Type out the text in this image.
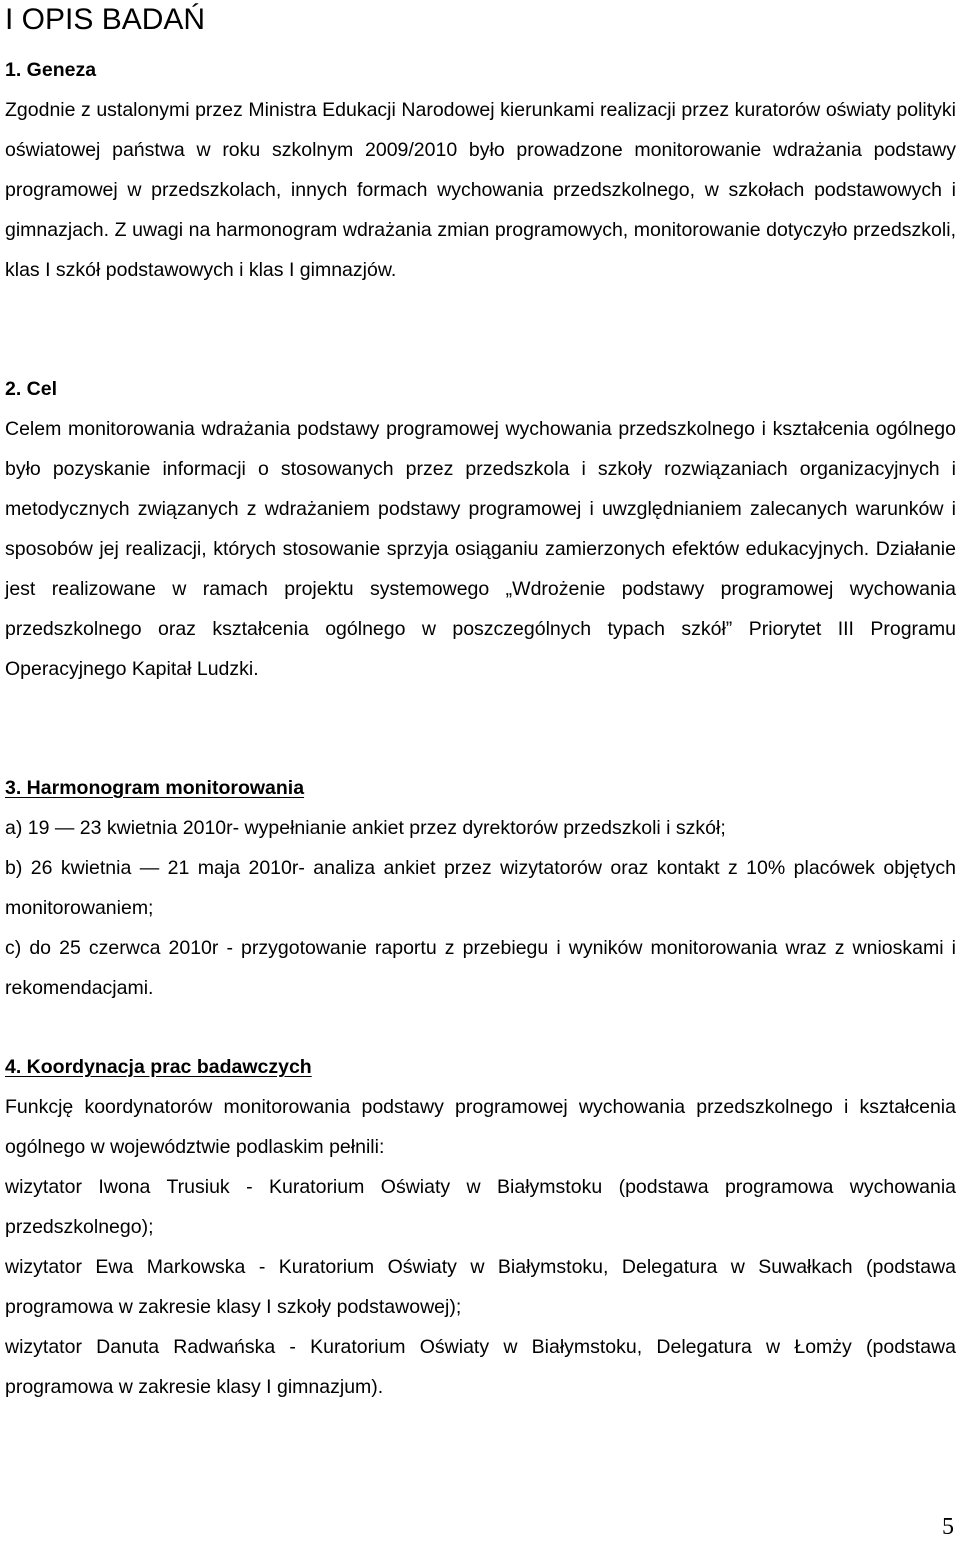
I OPIS BADAŃ

1. Geneza

Zgodnie z ustalonymi przez Ministra Edukacji Narodowej kierunkami realizacji przez kuratorów oświaty polityki oświatowej państwa w roku szkolnym 2009/2010 było prowadzone monitorowanie wdrażania podstawy programowej w przedszkolach, innych formach wychowania przedszkolnego, w szkołach podstawowych i gimnazjach. Z uwagi na harmonogram wdrażania zmian programowych, monitorowanie dotyczyło przedszkoli, klas I szkół podstawowych i klas I gimnazjów.

2. Cel

Celem monitorowania wdrażania podstawy programowej wychowania przedszkolnego i kształcenia ogólnego było pozyskanie informacji o stosowanych przez przedszkola i szkoły rozwiązaniach organizacyjnych i metodycznych związanych z wdrażaniem podstawy programowej i uwzględnianiem zalecanych warunków i sposobów jej realizacji, których stosowanie sprzyja osiąganiu zamierzonych efektów edukacyjnych. Działanie jest realizowane w ramach projektu systemowego „Wdrożenie podstawy programowej wychowania przedszkolnego oraz kształcenia ogólnego w poszczególnych typach szkół” Priorytet III Programu Operacyjnego Kapitał Ludzki.

3. Harmonogram monitorowania

a) 19 — 23 kwietnia 2010r- wypełnianie ankiet przez dyrektorów przedszkoli i szkół;

b) 26 kwietnia — 21 maja 2010r- analiza ankiet przez wizytatorów oraz kontakt z 10% placówek objętych monitorowaniem;

c) do 25 czerwca 2010r - przygotowanie raportu z przebiegu i wyników monitorowania wraz z wnioskami i rekomendacjami.

4. Koordynacja prac badawczych

Funkcję koordynatorów monitorowania podstawy programowej wychowania przedszkolnego i kształcenia ogólnego w województwie podlaskim pełnili:

wizytator Iwona Trusiuk - Kuratorium Oświaty w Białymstoku (podstawa programowa wychowania przedszkolnego);

wizytator Ewa Markowska - Kuratorium Oświaty w Białymstoku, Delegatura w Suwałkach (podstawa programowa w zakresie klasy I szkoły podstawowej);

wizytator Danuta Radwańska - Kuratorium Oświaty w Białymstoku, Delegatura w Łomży (podstawa programowa w zakresie klasy I gimnazjum).

5
